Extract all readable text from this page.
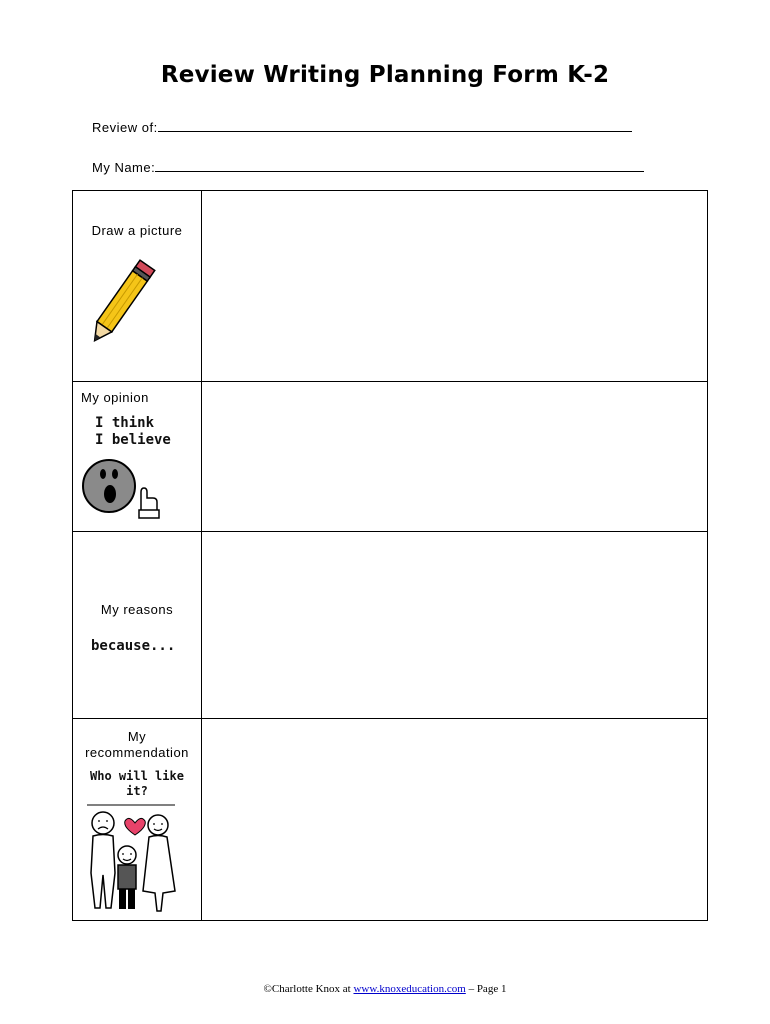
Review Writing Planning Form K-2
Review of:
My Name:
Draw a picture
My opinion
I think
I believe
My reasons
because...
My
recommendation
Who will like
it?
©Charlotte Knox at www.knoxeducation.com – Page 1
